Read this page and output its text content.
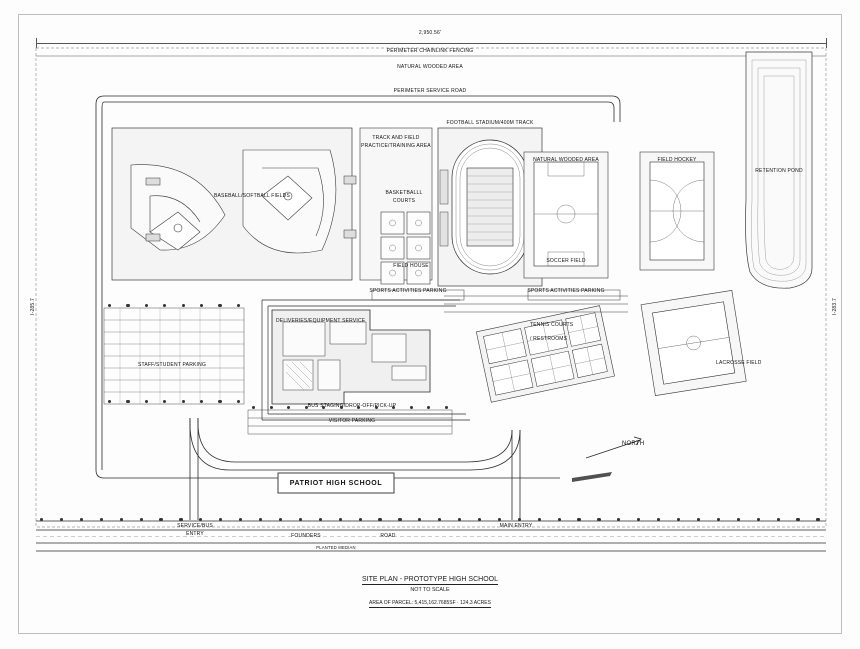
2,950.56'
I-285.7	I-283.7
PERIMETER CHAINLINK FENCING
NATURAL WOODED AREA
PERIMETER SERVICE ROAD
FOOTBALL STADIUM/400M TRACK
TRACK AND FIELD
PRACTICE/TRAINING AREA
BASKETBALLL
COURTS
FIELD HOUSE
BASEBALL/SOFTBALL FIELDS
NATURAL WOODED AREA
SOCCER FIELD
FIELD HOCKEY
RETENTION POND
SPORTS ACTIVITIES PARKING	SPORTS ACTIVITIES PARKING
TENNIS COURTS
/ RESTROOMS
LACROSSE FIELD
DELIVERIES/EQUIPMENT SERVICE
STAFF/STUDENT PARKING
BUS STAGING/DROP-OFF/PICK-UP
VISITOR PARKING
PATRIOT HIGH SCHOOL
NORTH
SERVICE/BUS
ENTRY
MAIN ENTRY
FOUNDERS	ROAD
PLANTED MEDIAN
SITE PLAN - PROTOTYPE HIGH SCHOOL
NOT TO SCALE
AREA OF PARCEL: 5,415,162.7685SF · 124.3 ACRES
